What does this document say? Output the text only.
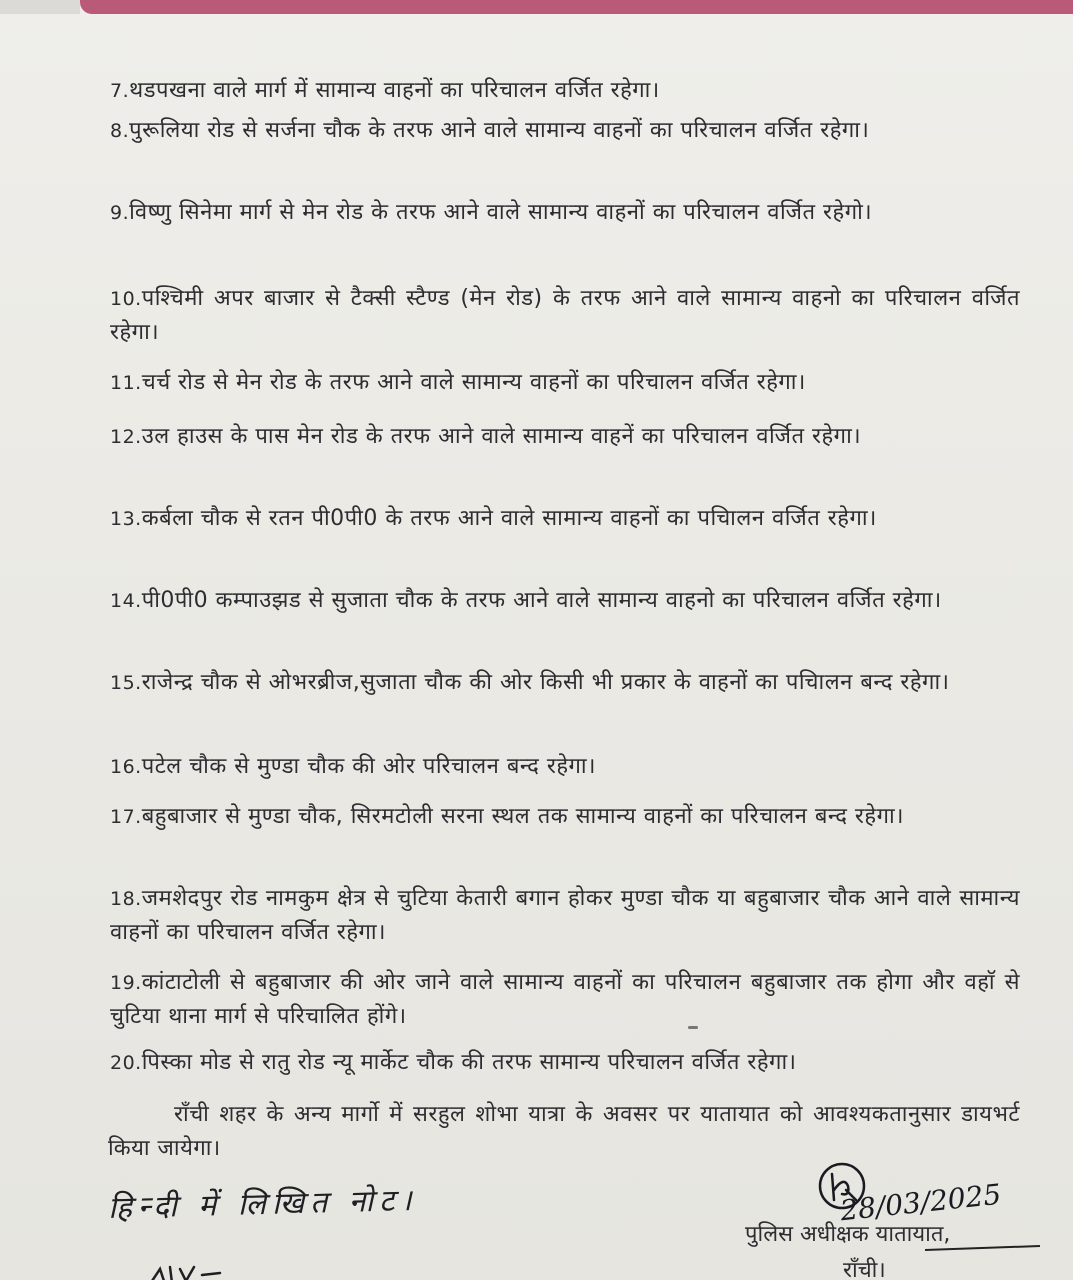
7.थडपखना वाले मार्ग में सामान्य वाहनों का परिचालन वर्जित रहेगा।
8.पुरूलिया रोड से सर्जना चौक के तरफ आने वाले सामान्य वाहनों का परिचालन वर्जित रहेगा।
9.विष्णु सिनेमा मार्ग से मेन रोड के तरफ आने वाले सामान्य वाहनों का परिचालन वर्जित रहेगो।
10.पश्चिमी अपर बाजार से टैक्सी स्टैण्ड (मेन रोड) के तरफ आने वाले सामान्य वाहनो का परिचालन वर्जित रहेगा।
11.चर्च रोड से मेन रोड के तरफ आने वाले सामान्य वाहनों का परिचालन वर्जित रहेगा।
12.उल हाउस के पास मेन रोड के तरफ आने वाले सामान्य वाहनें का परिचालन वर्जित रहेगा।
13.कर्बला चौक से रतन पी0पी0 के तरफ आने वाले सामान्य वाहनों का पचिालन वर्जित रहेगा।
14.पी0पी0 कम्पाउझड से सुजाता चौक के तरफ आने वाले सामान्य वाहनो का परिचालन वर्जित रहेगा।
15.राजेन्द्र चौक से ओभरब्रीज,सुजाता चौक की ओर किसी भी प्रकार के वाहनों का पचिालन बन्द रहेगा।
16.पटेल चौक से मुण्डा चौक की ओर परिचालन बन्द रहेगा।
17.बहुबाजार से मुण्डा चौक, सिरमटोली सरना स्थल तक सामान्य वाहनों का परिचालन बन्द रहेगा।
18.जमशेदपुर रोड नामकुम क्षेत्र से चुटिया केतारी बगान होकर मुण्डा चौक या बहुबाजार चौक आने वाले सामान्य वाहनों का परिचालन वर्जित रहेगा।
19.कांटाटोली से बहुबाजार की ओर जाने वाले सामान्य वाहनों का परिचालन बहुबाजार तक होगा और वहाॅ से चुटिया थाना मार्ग से परिचालित होंगे।
20.पिस्का मोड से रातु रोड न्यू मार्केट चौक की तरफ सामान्य परिचालन वर्जित रहेगा।
राँची शहर के अन्य मार्गो में सरहुल शोभा यात्रा के अवसर पर यातायात को आवश्यकतानुसार डायभर्ट किया जायेगा।
हिन्दी में लिखित नोट।	28/03/2025
पुलिस अधीक्षक यातायात,
राँची।
